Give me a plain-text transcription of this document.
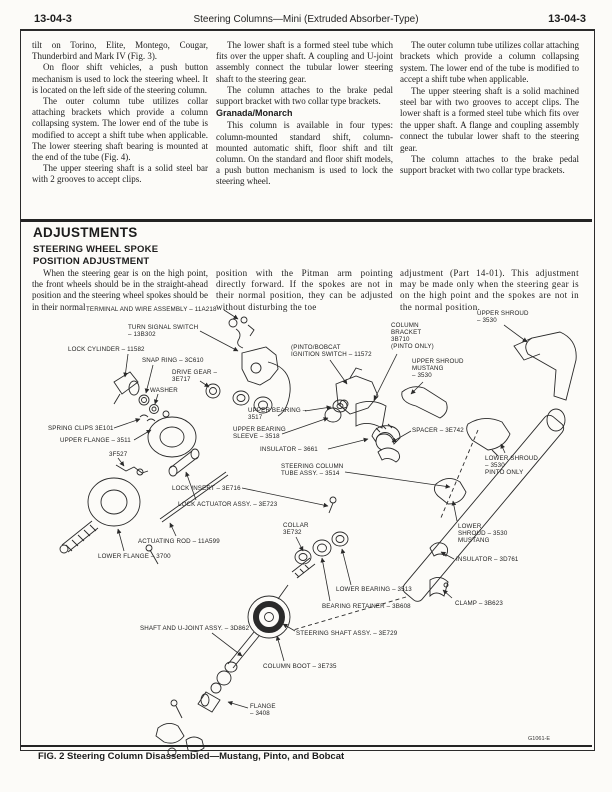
13-04-3	Steering Columns—Mini (Extruded Absorber-Type)	13-04-3

tilt on Torino, Elite, Montego, Cougar, Thunderbird and Mark IV (Fig. 3).

On floor shift vehicles, a push button mechanism is used to lock the steering wheel. It is located on the left side of the steering column.

The outer column tube utilizes collar attaching brackets which provide a column collapsing system. The lower end of the tube is modified to accept a shift tube when applicable. The lower steering shaft bearing is mounted at the end of the tube (Fig. 4).

The upper steering shaft is a solid steel bar with 2 grooves to accept clips.

The lower shaft is a formed steel tube which fits over the upper shaft. A coupling and U-joint assembly connect the tubular lower steering shaft to the steering gear.

The column attaches to the brake pedal support bracket with two collar type brackets.

Granada/Monarch

This column is available in four types: column-mounted standard shift, column-mounted automatic shift, floor shift and tilt column. On the standard and floor shift models, a push button mechanism is used to lock the steering wheel.

The outer column tube utilizes collar attaching brackets which provide a column collapsing system. The lower end of the tube is modified to accept a shift tube when applicable.

The upper steering shaft is a solid machined steel bar with two grooves to accept clips. The lower shaft is a formed steel tube which fits over the upper shaft. A flange and coupling assembly connect the tubular lower shaft to the steering gear.

The column attaches to the brake pedal support bracket with two collar type brackets.

ADJUSTMENTS
STEERING WHEEL SPOKE
POSITION ADJUSTMENT

When the steering gear is on the high point, the front wheels should be in the straight-ahead position and the steering wheel spokes should be in their normal

position with the Pitman arm pointing directly forward. If the spokes are not in their normal position, they can be adjusted without disturbing the toe

adjustment (Part 14-01). This adjustment may be made only when the steering gear is on the high point and the spokes are not in the normal position.

TERMINAL AND WIRE ASSEMBLY – 11A218
TURN SIGNAL SWITCH
– 13B302
LOCK CYLINDER – 11582
SNAP RING – 3C610
DRIVE GEAR –
3E717
WASHER
SPRING CLIPS 3E101
UPPER FLANGE – 3511
3F527
LOCK INSERT – 3E716
LOCK ACTUATOR ASSY. – 3E723
ACTUATING ROD – 11A599
LOWER FLANGE – 3700
COLLAR
3E732
LOWER BEARING – 3513
BEARING RETAINER – 3B608
STEERING SHAFT ASSY. – 3E729
COLUMN BOOT – 3E735
FLANGE
– 3408
SHAFT AND U-JOINT ASSY. – 3D862
COLUMN
BRACKET
3B710
(PINTO ONLY)
(PINTO/BOBCAT
IGNITION SWITCH – 11572
UPPER SHROUD
– 3530
UPPER SHROUD
MUSTANG
– 3530
SPACER – 3E742
LOWER SHROUD
– 3530
PINTO ONLY
LOWER
SHROUD – 3530
MUSTANG
INSULATOR – 3D761
CLAMP – 3B623
INSULATOR – 3661
STEERING COLUMN
TUBE ASSY. – 3514
UPPER BEARING –
3517
UPPER BEARING
SLEEVE – 3518
G1061-E
FIG. 2 Steering Column Disassembled—Mustang, Pinto, and Bobcat
